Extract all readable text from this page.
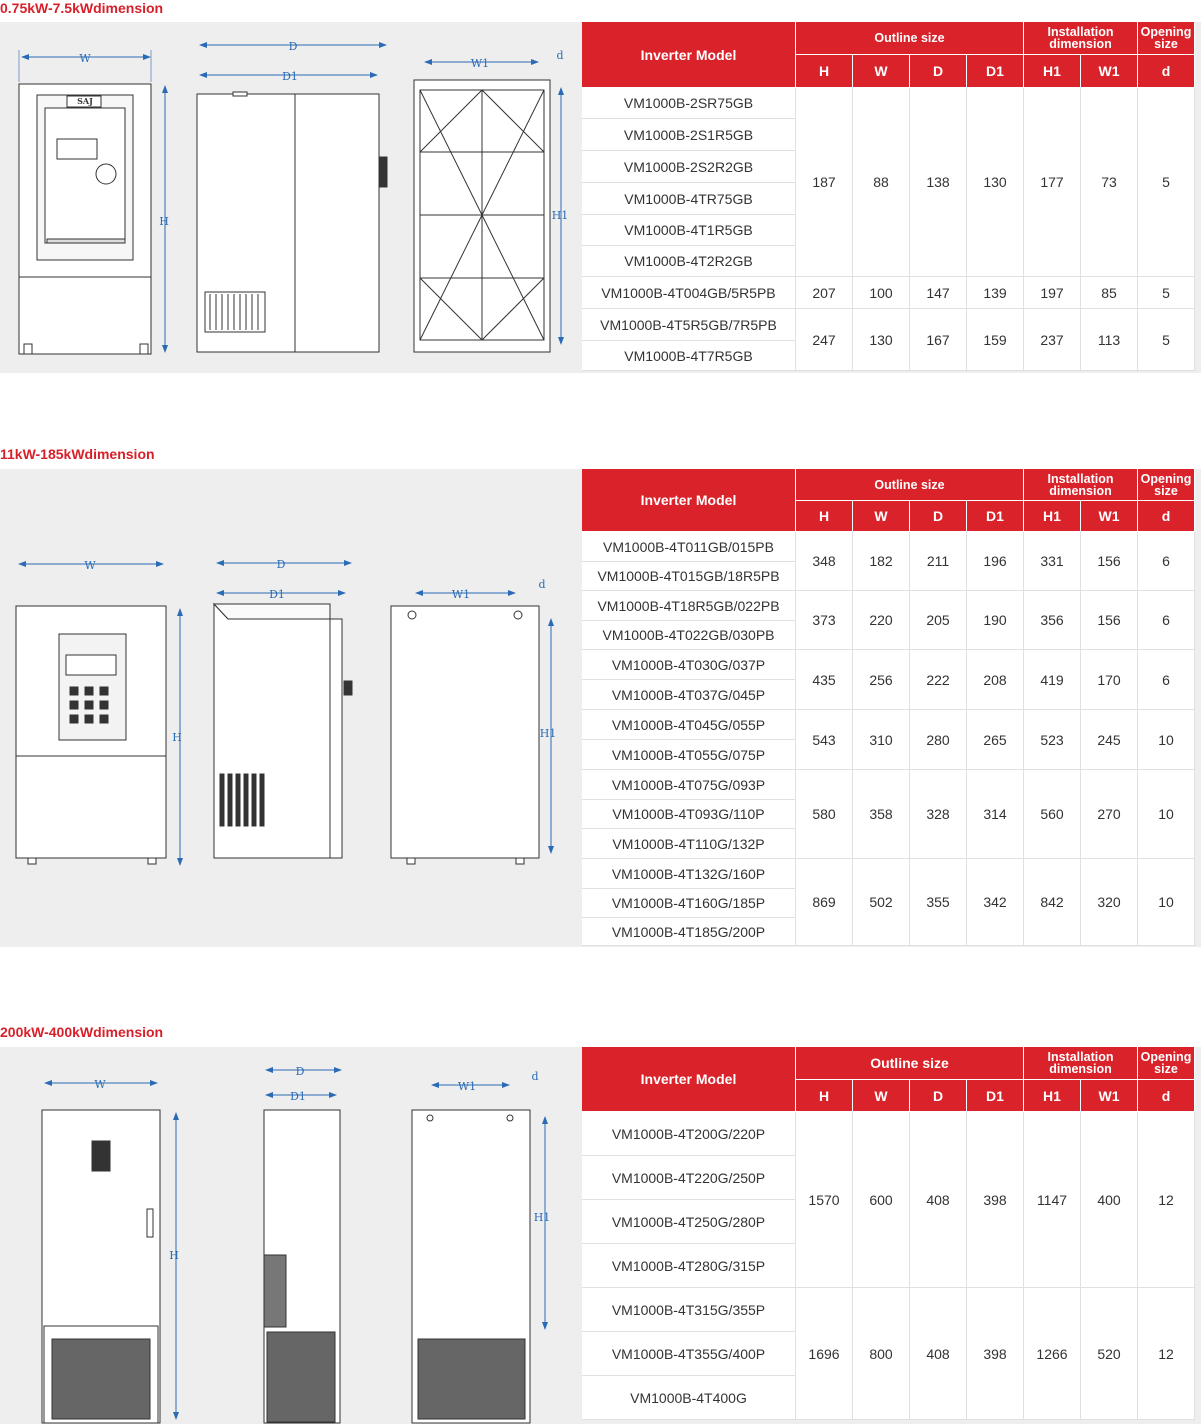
0.75kW-7.5kWdimension
SAJ
W
H
D
D1
W1
d
H1
Inverter Model	Outline size				Installation dimension		Opening size
	H	W	D	D1	H1	W1	d
VM1000B-2SR75GB	187	88	138	130	177	73	5
VM1000B-2S1R5GB							
VM1000B-2S2R2GB							
VM1000B-4TR75GB							
VM1000B-4T1R5GB							
VM1000B-4T2R2GB							
VM1000B-4T004GB/5R5PB	207	100	147	139	197	85	5
VM1000B-4T5R5GB/7R5PB	247	130	167	159	237	113	5
VM1000B-4T7R5GB							
11kW-185kWdimension
W
H
D
D1	W1
d
H1
Inverter Model	Outline size				Installation dimension		Opening size
	H	W	D	D1	H1	W1	d
VM1000B-4T011GB/015PB	348	182	211	196	331	156	6
VM1000B-4T015GB/18R5PB							
VM1000B-4T18R5GB/022PB	373	220	205	190	356	156	6
VM1000B-4T022GB/030PB							
VM1000B-4T030G/037P	435	256	222	208	419	170	6
VM1000B-4T037G/045P							
VM1000B-4T045G/055P	543	310	280	265	523	245	10
VM1000B-4T055G/075P							
VM1000B-4T075G/093P	580	358	328	314	560	270	10
VM1000B-4T093G/110P							
VM1000B-4T110G/132P							
VM1000B-4T132G/160P	869	502	355	342	842	320	10
VM1000B-4T160G/185P							
VM1000B-4T185G/200P							
200kW-400kWdimension
W
H
D
D1
W1
d
H1
Inverter Model	Outline size				Installation dimension		Opening size
	H	W	D	D1	H1	W1	d
VM1000B-4T200G/220P	1570	600	408	398	1147	400	12
VM1000B-4T220G/250P							
VM1000B-4T250G/280P							
VM1000B-4T280G/315P							
VM1000B-4T315G/355P	1696	800	408	398	1266	520	12
VM1000B-4T355G/400P							
VM1000B-4T400G							
